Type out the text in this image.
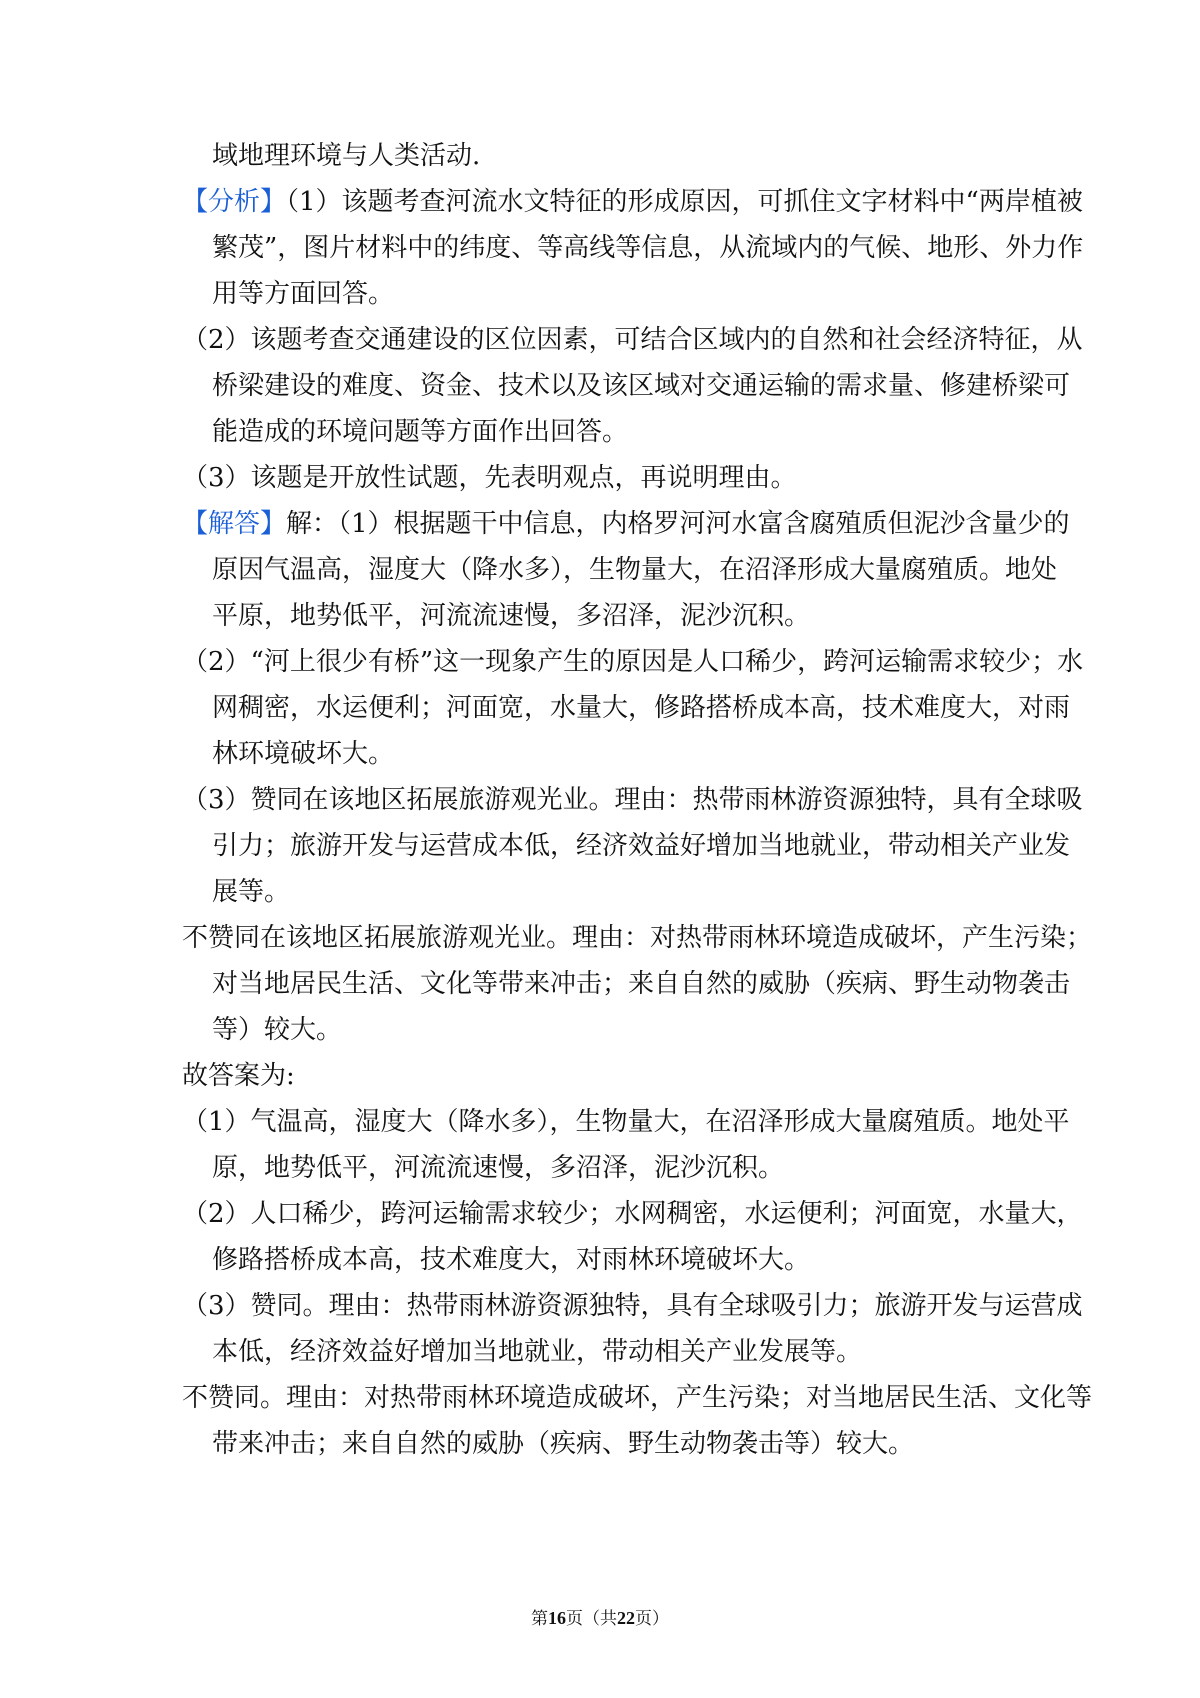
域地理环境与人类活动.
【分析】（1）该题考查河流水文特征的形成原因，可抓住文字材料中“两岸植被
繁茂”，图片材料中的纬度、等高线等信息，从流域内的气候、地形、外力作
用等方面回答。
（2）该题考查交通建设的区位因素，可结合区域内的自然和社会经济特征，从
桥梁建设的难度、资金、技术以及该区域对交通运输的需求量、修建桥梁可
能造成的环境问题等方面作出回答。
（3）该题是开放性试题，先表明观点，再说明理由。
【解答】解：（1）根据题干中信息，内格罗河河水富含腐殖质但泥沙含量少的
原因气温高，湿度大（降水多），生物量大，在沼泽形成大量腐殖质。地处
平原，地势低平，河流流速慢，多沼泽，泥沙沉积。
（2）“河上很少有桥”这一现象产生的原因是人口稀少，跨河运输需求较少；水
网稠密，水运便利；河面宽，水量大，修路搭桥成本高，技术难度大，对雨
林环境破坏大。
（3）赞同在该地区拓展旅游观光业。理由：热带雨林游资源独特，具有全球吸
引力；旅游开发与运营成本低，经济效益好增加当地就业，带动相关产业发
展等。
不赞同在该地区拓展旅游观光业。理由：对热带雨林环境造成破坏，产生污染；
对当地居民生活、文化等带来冲击；来自自然的威胁（疾病、野生动物袭击
等）较大。
故答案为:
（1）气温高，湿度大（降水多），生物量大，在沼泽形成大量腐殖质。地处平
原，地势低平，河流流速慢，多沼泽，泥沙沉积。
（2）人口稀少，跨河运输需求较少；水网稠密，水运便利；河面宽，水量大，
修路搭桥成本高，技术难度大，对雨林环境破坏大。
（3）赞同。理由：热带雨林游资源独特，具有全球吸引力；旅游开发与运营成
本低，经济效益好增加当地就业，带动相关产业发展等。
不赞同。理由：对热带雨林环境造成破坏，产生污染；对当地居民生活、文化等
带来冲击；来自自然的威胁（疾病、野生动物袭击等）较大。
第16页（共22页）
